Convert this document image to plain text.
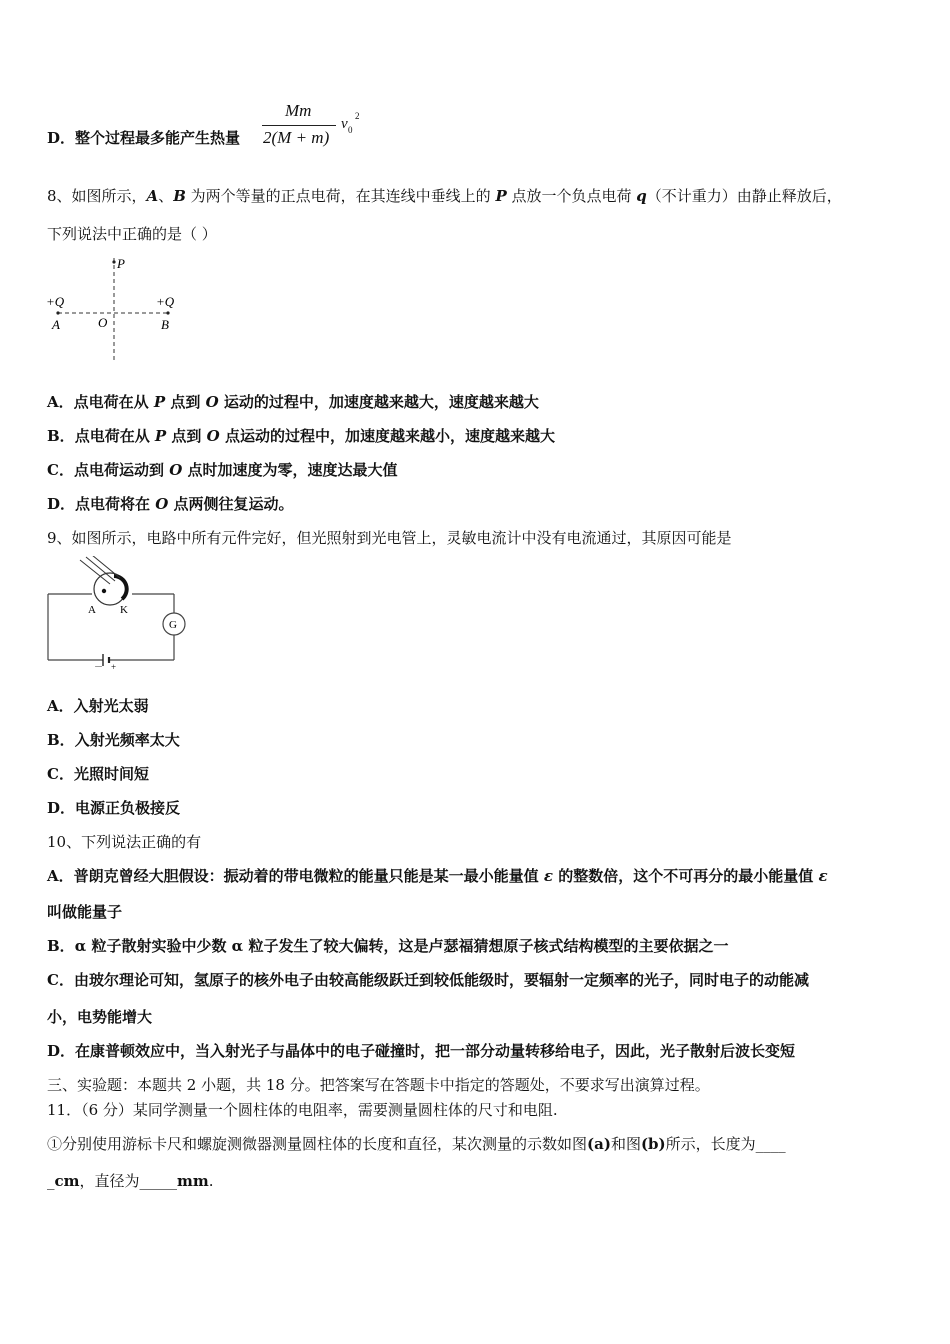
D．整个过程最多能产生热量
Mm
2(M + m)
v 0
2
8、如图所示，A、B 为两个等量的正点电荷，在其连线中垂线上的 P 点放一个负点电荷 q（不计重力）由静止释放后，
下列说法中正确的是（ ）
P
+Q	+Q
A	O	B
A．点电荷在从 P 点到 O 运动的过程中，加速度越来越大，速度越来越大
B．点电荷在从 P 点到 O 点运动的过程中，加速度越来越小，速度越来越大
C．点电荷运动到 O 点时加速度为零，速度达最大值
D．点电荷将在 O 点两侧往复运动。
9、如图所示，电路中所有元件完好，但光照射到光电管上，灵敏电流计中没有电流通过，其原因可能是
－ +
G
A K
A．入射光太弱
B．入射光频率太大
C．光照时间短
D．电源正负极接反
10、下列说法正确的有
A．普朗克曾经大胆假设：振动着的带电微粒的能量只能是某一最小能量值 ε 的整数倍，这个不可再分的最小能量值 ε
叫做能量子
B．α 粒子散射实验中少数 α 粒子发生了较大偏转，这是卢瑟福猜想原子核式结构模型的主要依据之一
C．由玻尔理论可知，氢原子的核外电子由较高能级跃迁到较低能级时，要辐射一定频率的光子，同时电子的动能减
小，电势能增大
D．在康普顿效应中，当入射光子与晶体中的电子碰撞时，把一部分动量转移给电子，因此，光子散射后波长变短
三、实验题：本题共 2 小题，共 18 分。把答案写在答题卡中指定的答题处，不要求写出演算过程。
11．（6 分）某同学测量一个圆柱体的电阻率，需要测量圆柱体的尺寸和电阻.
①分别使用游标卡尺和螺旋测微器测量圆柱体的长度和直径，某次测量的示数如图(a)和图(b)所示，长度为____
_cm，直径为_____mm.
